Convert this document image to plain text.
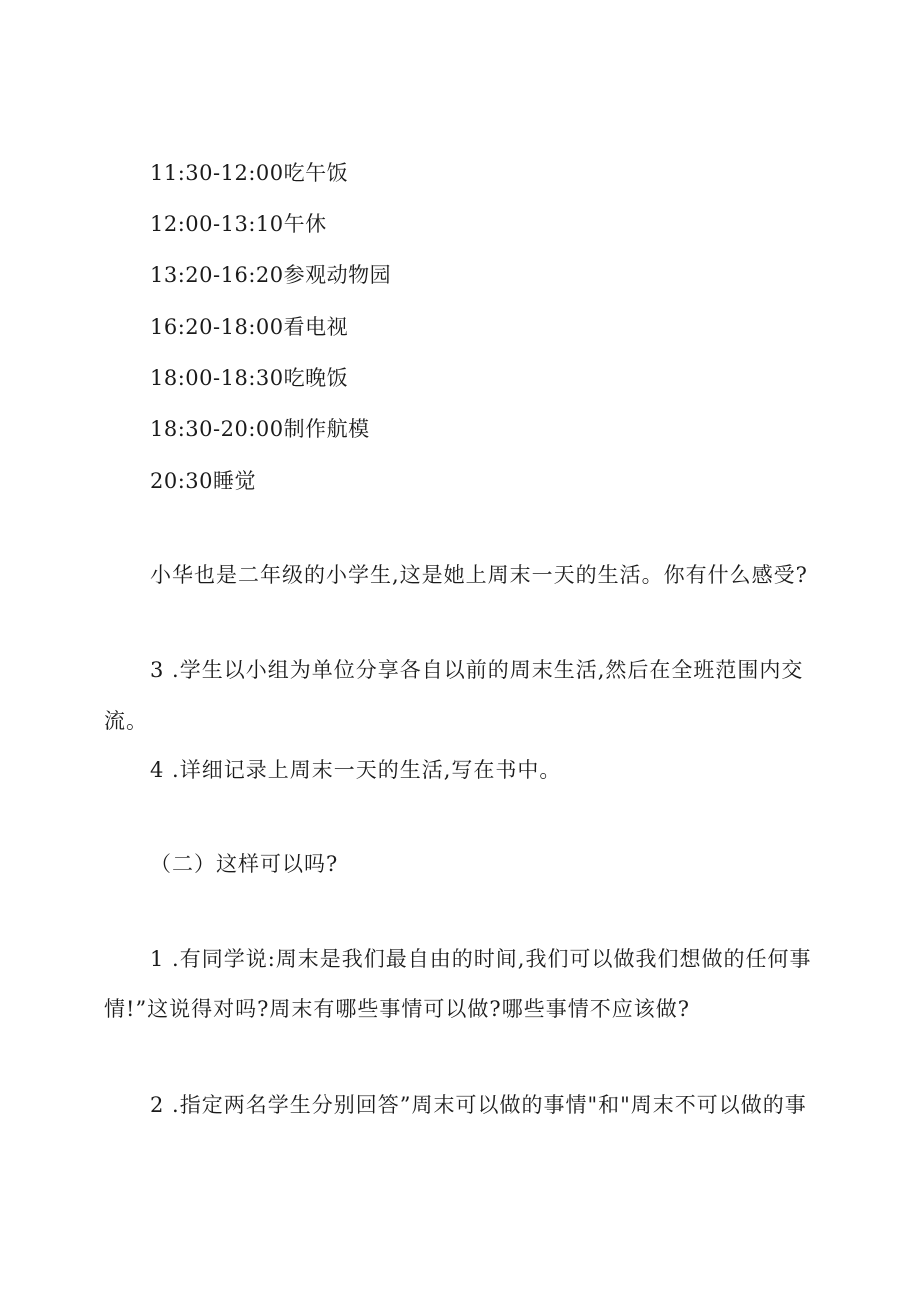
11:30-12:00吃午饭

12:00-13:10午休

13:20-16:20参观动物园

16:20-18:00看电视

18:00-18:30吃晚饭

18:30-20:00制作航模

20:30睡觉

小华也是二年级的小学生,这是她上周末一天的生活。你有什么感受?

3 .学生以小组为单位分享各自以前的周末生活,然后在全班范围内交

流。

4 .详细记录上周末一天的生活,写在书中。

（二）这样可以吗?

1 .有同学说:周末是我们最自由的时间,我们可以做我们想做的任何事

情!”这说得对吗?周末有哪些事情可以做?哪些事情不应该做?

2 .指定两名学生分别回答”周末可以做的事情"和"周末不可以做的事
